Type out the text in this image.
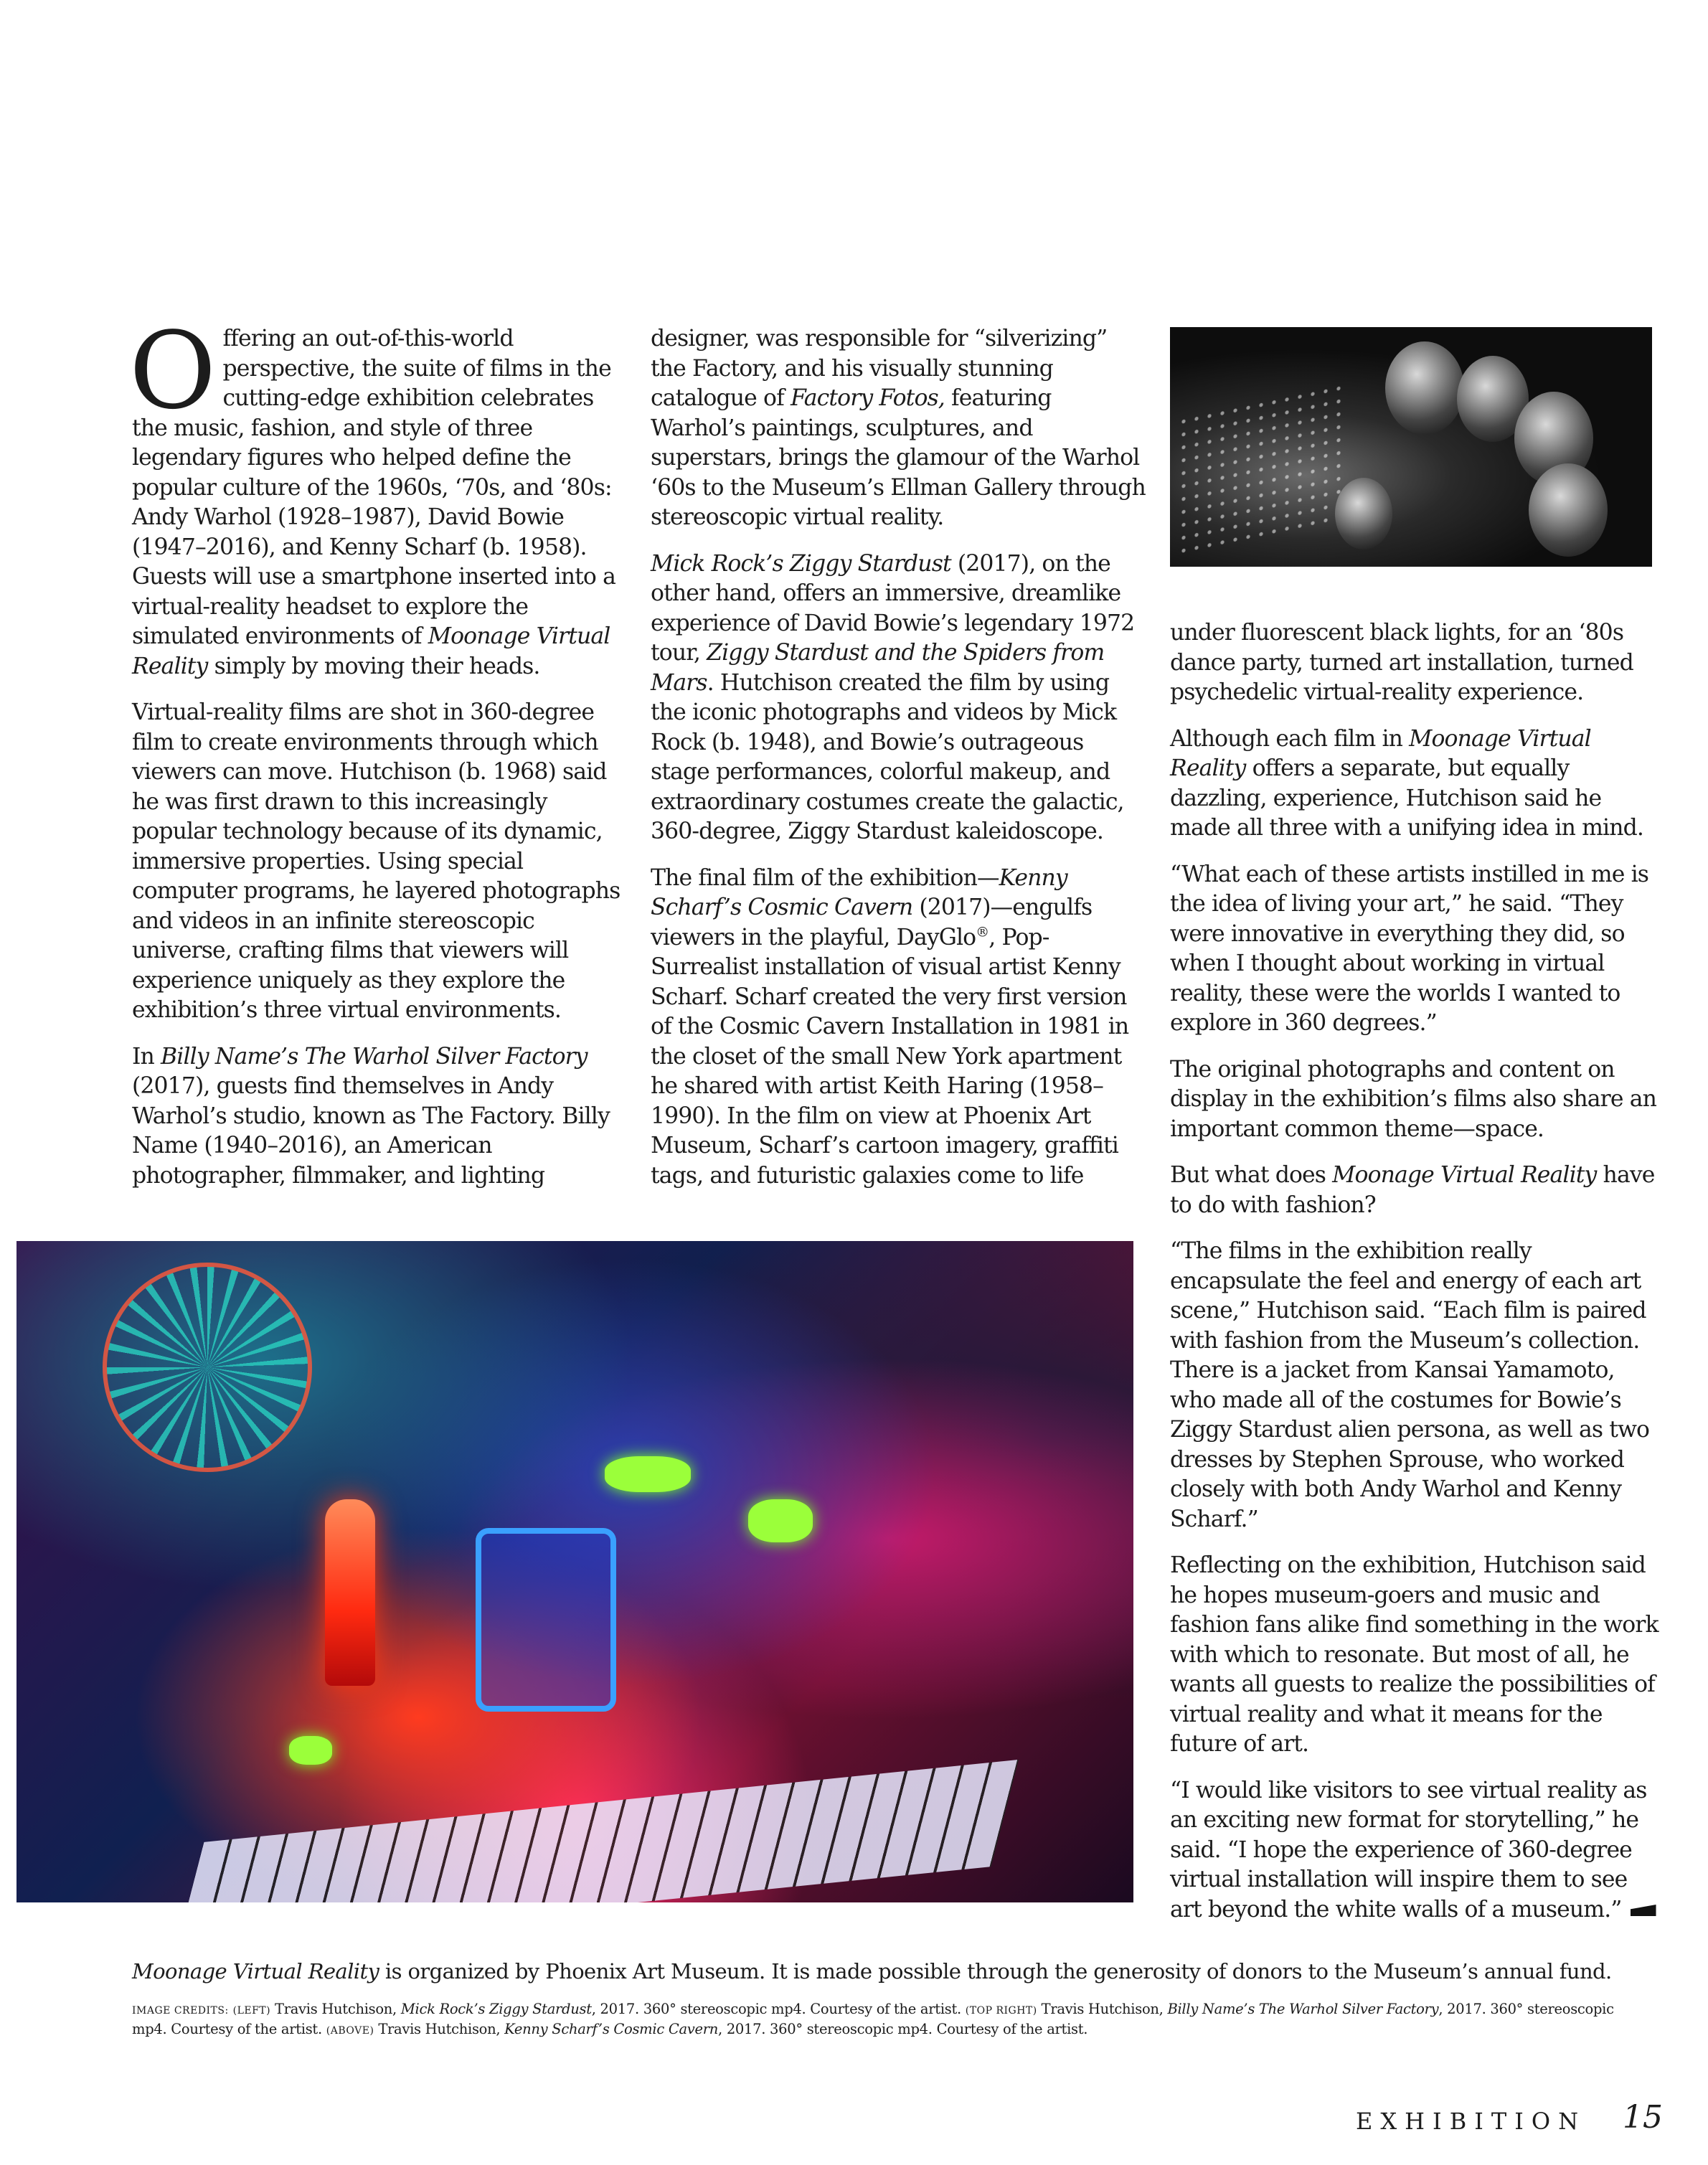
Offering an out-of-this-world perspective, the suite of films in the cutting-edge exhibition celebrates the music, fashion, and style of three legendary figures who helped define the popular culture of the 1960s, ‘70s, and ‘80s: Andy Warhol (1928–1987), David Bowie (1947–2016), and Kenny Scharf (b. 1958). Guests will use a smartphone inserted into a virtual-reality headset to explore the simulated environments of Moonage Virtual Reality simply by moving their heads.

Virtual-reality films are shot in 360-degree film to create environments through which viewers can move. Hutchison (b. 1968) said he was first drawn to this increasingly popular technology because of its dynamic, immersive properties. Using special computer programs, he layered photographs and videos in an infinite stereoscopic universe, crafting films that viewers will experience uniquely as they explore the exhibition’s three virtual environments.

In Billy Name’s The Warhol Silver Factory (2017), guests find themselves in Andy Warhol’s studio, known as The Factory. Billy Name (1940–2016), an American photographer, filmmaker, and lighting

designer, was responsible for “silverizing” the Factory, and his visually stunning catalogue of Factory Fotos, featuring Warhol’s paintings, sculptures, and superstars, brings the glamour of the Warhol ‘60s to the Museum’s Ellman Gallery through stereoscopic virtual reality.

Mick Rock’s Ziggy Stardust (2017), on the other hand, offers an immersive, dreamlike experience of David Bowie’s legendary 1972 tour, Ziggy Stardust and the Spiders from Mars. Hutchison created the film by using the iconic photographs and videos by Mick Rock (b. 1948), and Bowie’s outrageous stage performances, colorful makeup, and extraordinary costumes create the galactic, 360-degree, Ziggy Stardust kaleidoscope.

The final film of the exhibition—Kenny Scharf’s Cosmic Cavern (2017)—engulfs viewers in the playful, DayGlo®, Pop-Surrealist installation of visual artist Kenny Scharf. Scharf created the very first version of the Cosmic Cavern Installation in 1981 in the closet of the small New York apartment he shared with artist Keith Haring (1958–1990). In the film on view at Phoenix Art Museum, Scharf’s cartoon imagery, graffiti tags, and futuristic galaxies come to life

under fluorescent black lights, for an ‘80s dance party, turned art installation, turned psychedelic virtual-reality experience.

Although each film in Moonage Virtual Reality offers a separate, but equally dazzling, experience, Hutchison said he made all three with a unifying idea in mind.

“What each of these artists instilled in me is the idea of living your art,” he said. “They were innovative in everything they did, so when I thought about working in virtual reality, these were the worlds I wanted to explore in 360 degrees.”

The original photographs and content on display in the exhibition’s films also share an important common theme—space.

But what does Moonage Virtual Reality have to do with fashion?

“The films in the exhibition really encapsulate the feel and energy of each art scene,” Hutchison said. “Each film is paired with fashion from the Museum’s collection. There is a jacket from Kansai Yamamoto, who made all of the costumes for Bowie’s Ziggy Stardust alien persona, as well as two dresses by Stephen Sprouse, who worked closely with both Andy Warhol and Kenny Scharf.”

Reflecting on the exhibition, Hutchison said he hopes museum-goers and music and fashion fans alike find something in the work with which to resonate. But most of all, he wants all guests to realize the possibilities of virtual reality and what it means for the future of art.

“I would like visitors to see virtual reality as an exciting new format for storytelling,” he said. “I hope the experience of 360-degree virtual installation will inspire them to see art beyond the white walls of a museum.”

Moonage Virtual Reality is organized by Phoenix Art Museum. It is made possible through the generosity of donors to the Museum’s annual fund.
IMAGE CREDITS: (LEFT) Travis Hutchison, Mick Rock’s Ziggy Stardust, 2017. 360° stereoscopic mp4. Courtesy of the artist. (TOP RIGHT) Travis Hutchison, Billy Name’s The Warhol Silver Factory, 2017. 360° stereoscopic mp4. Courtesy of the artist. (ABOVE) Travis Hutchison, Kenny Scharf’s Cosmic Cavern, 2017. 360° stereoscopic mp4. Courtesy of the artist.
EXHIBITION 15
